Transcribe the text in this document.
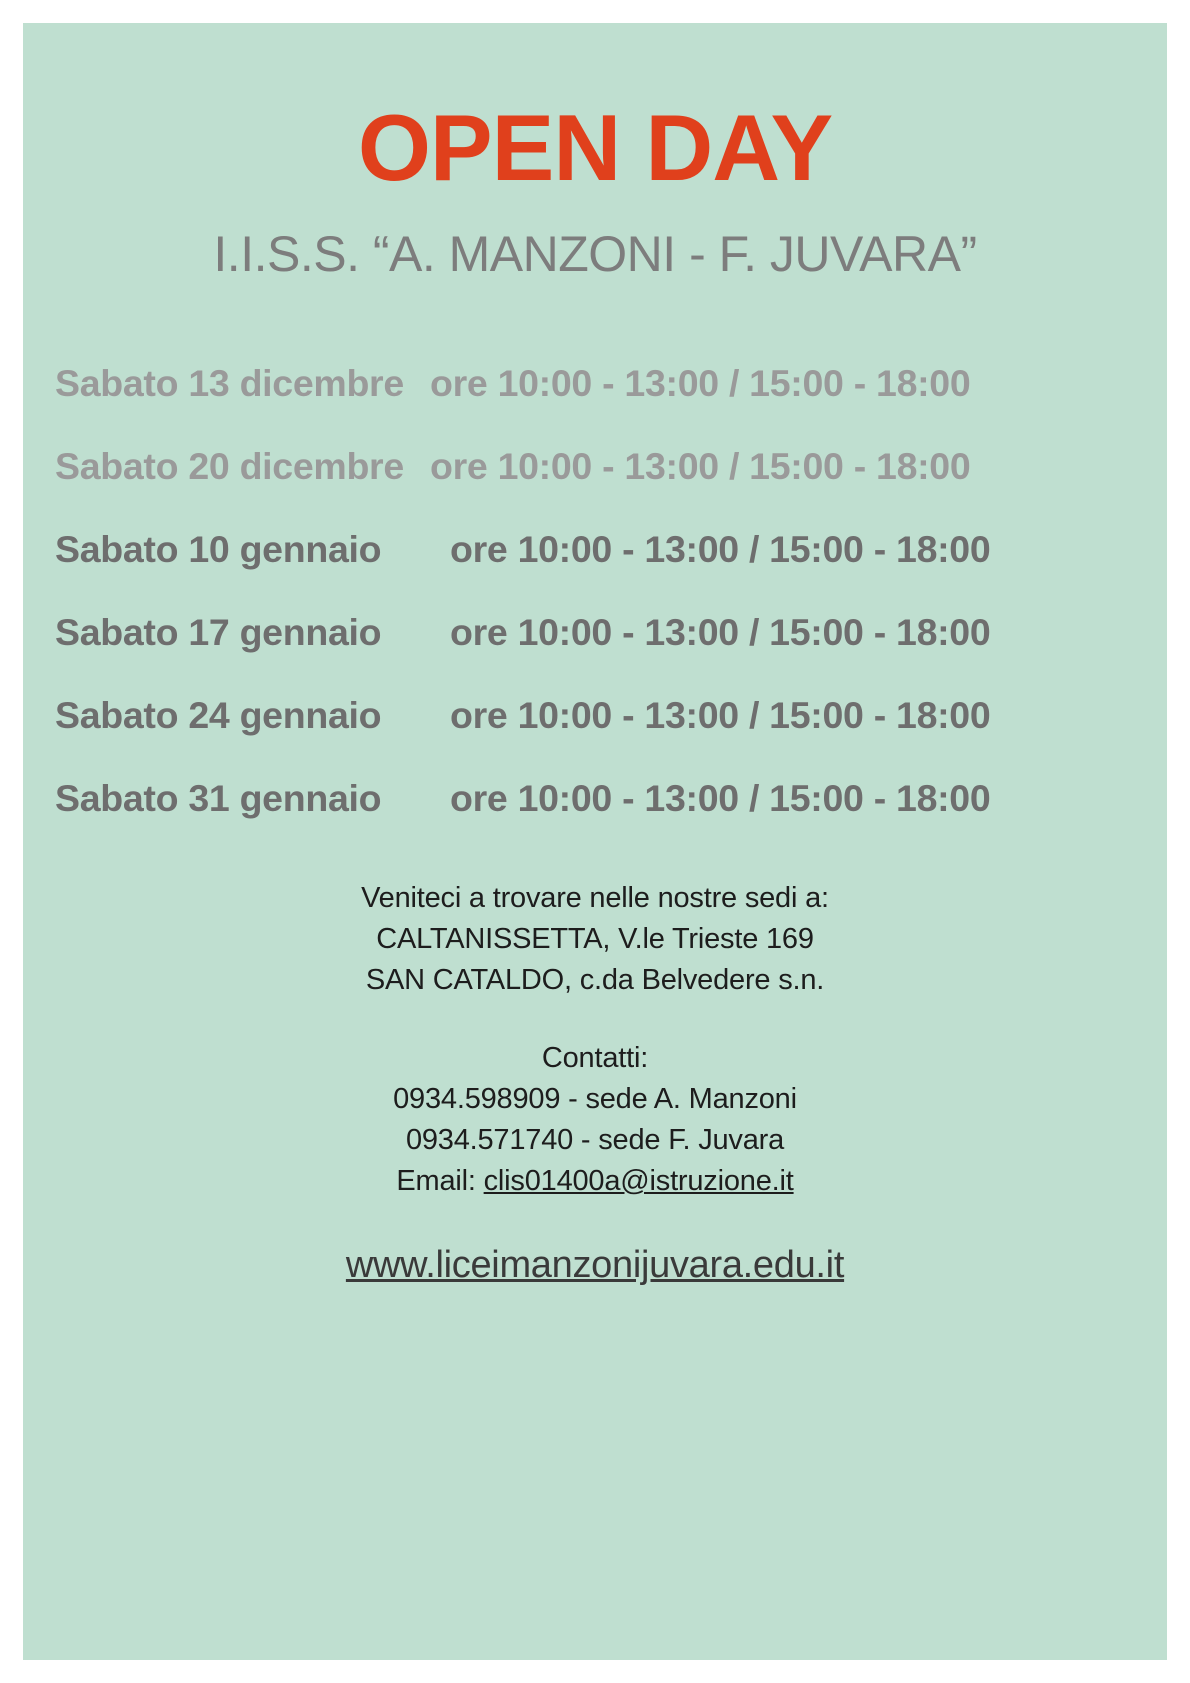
OPEN DAY
I.I.S.S. “A. MANZONI - F. JUVARA”
Sabato 13 dicembre ore 10:00 - 13:00 / 15:00 - 18:00
Sabato 20 dicembre ore 10:00 - 13:00 / 15:00 - 18:00
Sabato 10 gennaio	ore 10:00 - 13:00 / 15:00 - 18:00
Sabato 17 gennaio	ore 10:00 - 13:00 / 15:00 - 18:00
Sabato 24 gennaio	ore 10:00 - 13:00 / 15:00 - 18:00
Sabato 31 gennaio	ore 10:00 - 13:00 / 15:00 - 18:00

Veniteci a trovare nelle nostre sedi a:

CALTANISSETTA, V.le Trieste 169

SAN CATALDO, c.da Belvedere s.n.

Contatti:

0934.598909 - sede A. Manzoni

0934.571740 - sede F. Juvara

Email: clis01400a@istruzione.it

www.liceimanzonijuvara.edu.it
